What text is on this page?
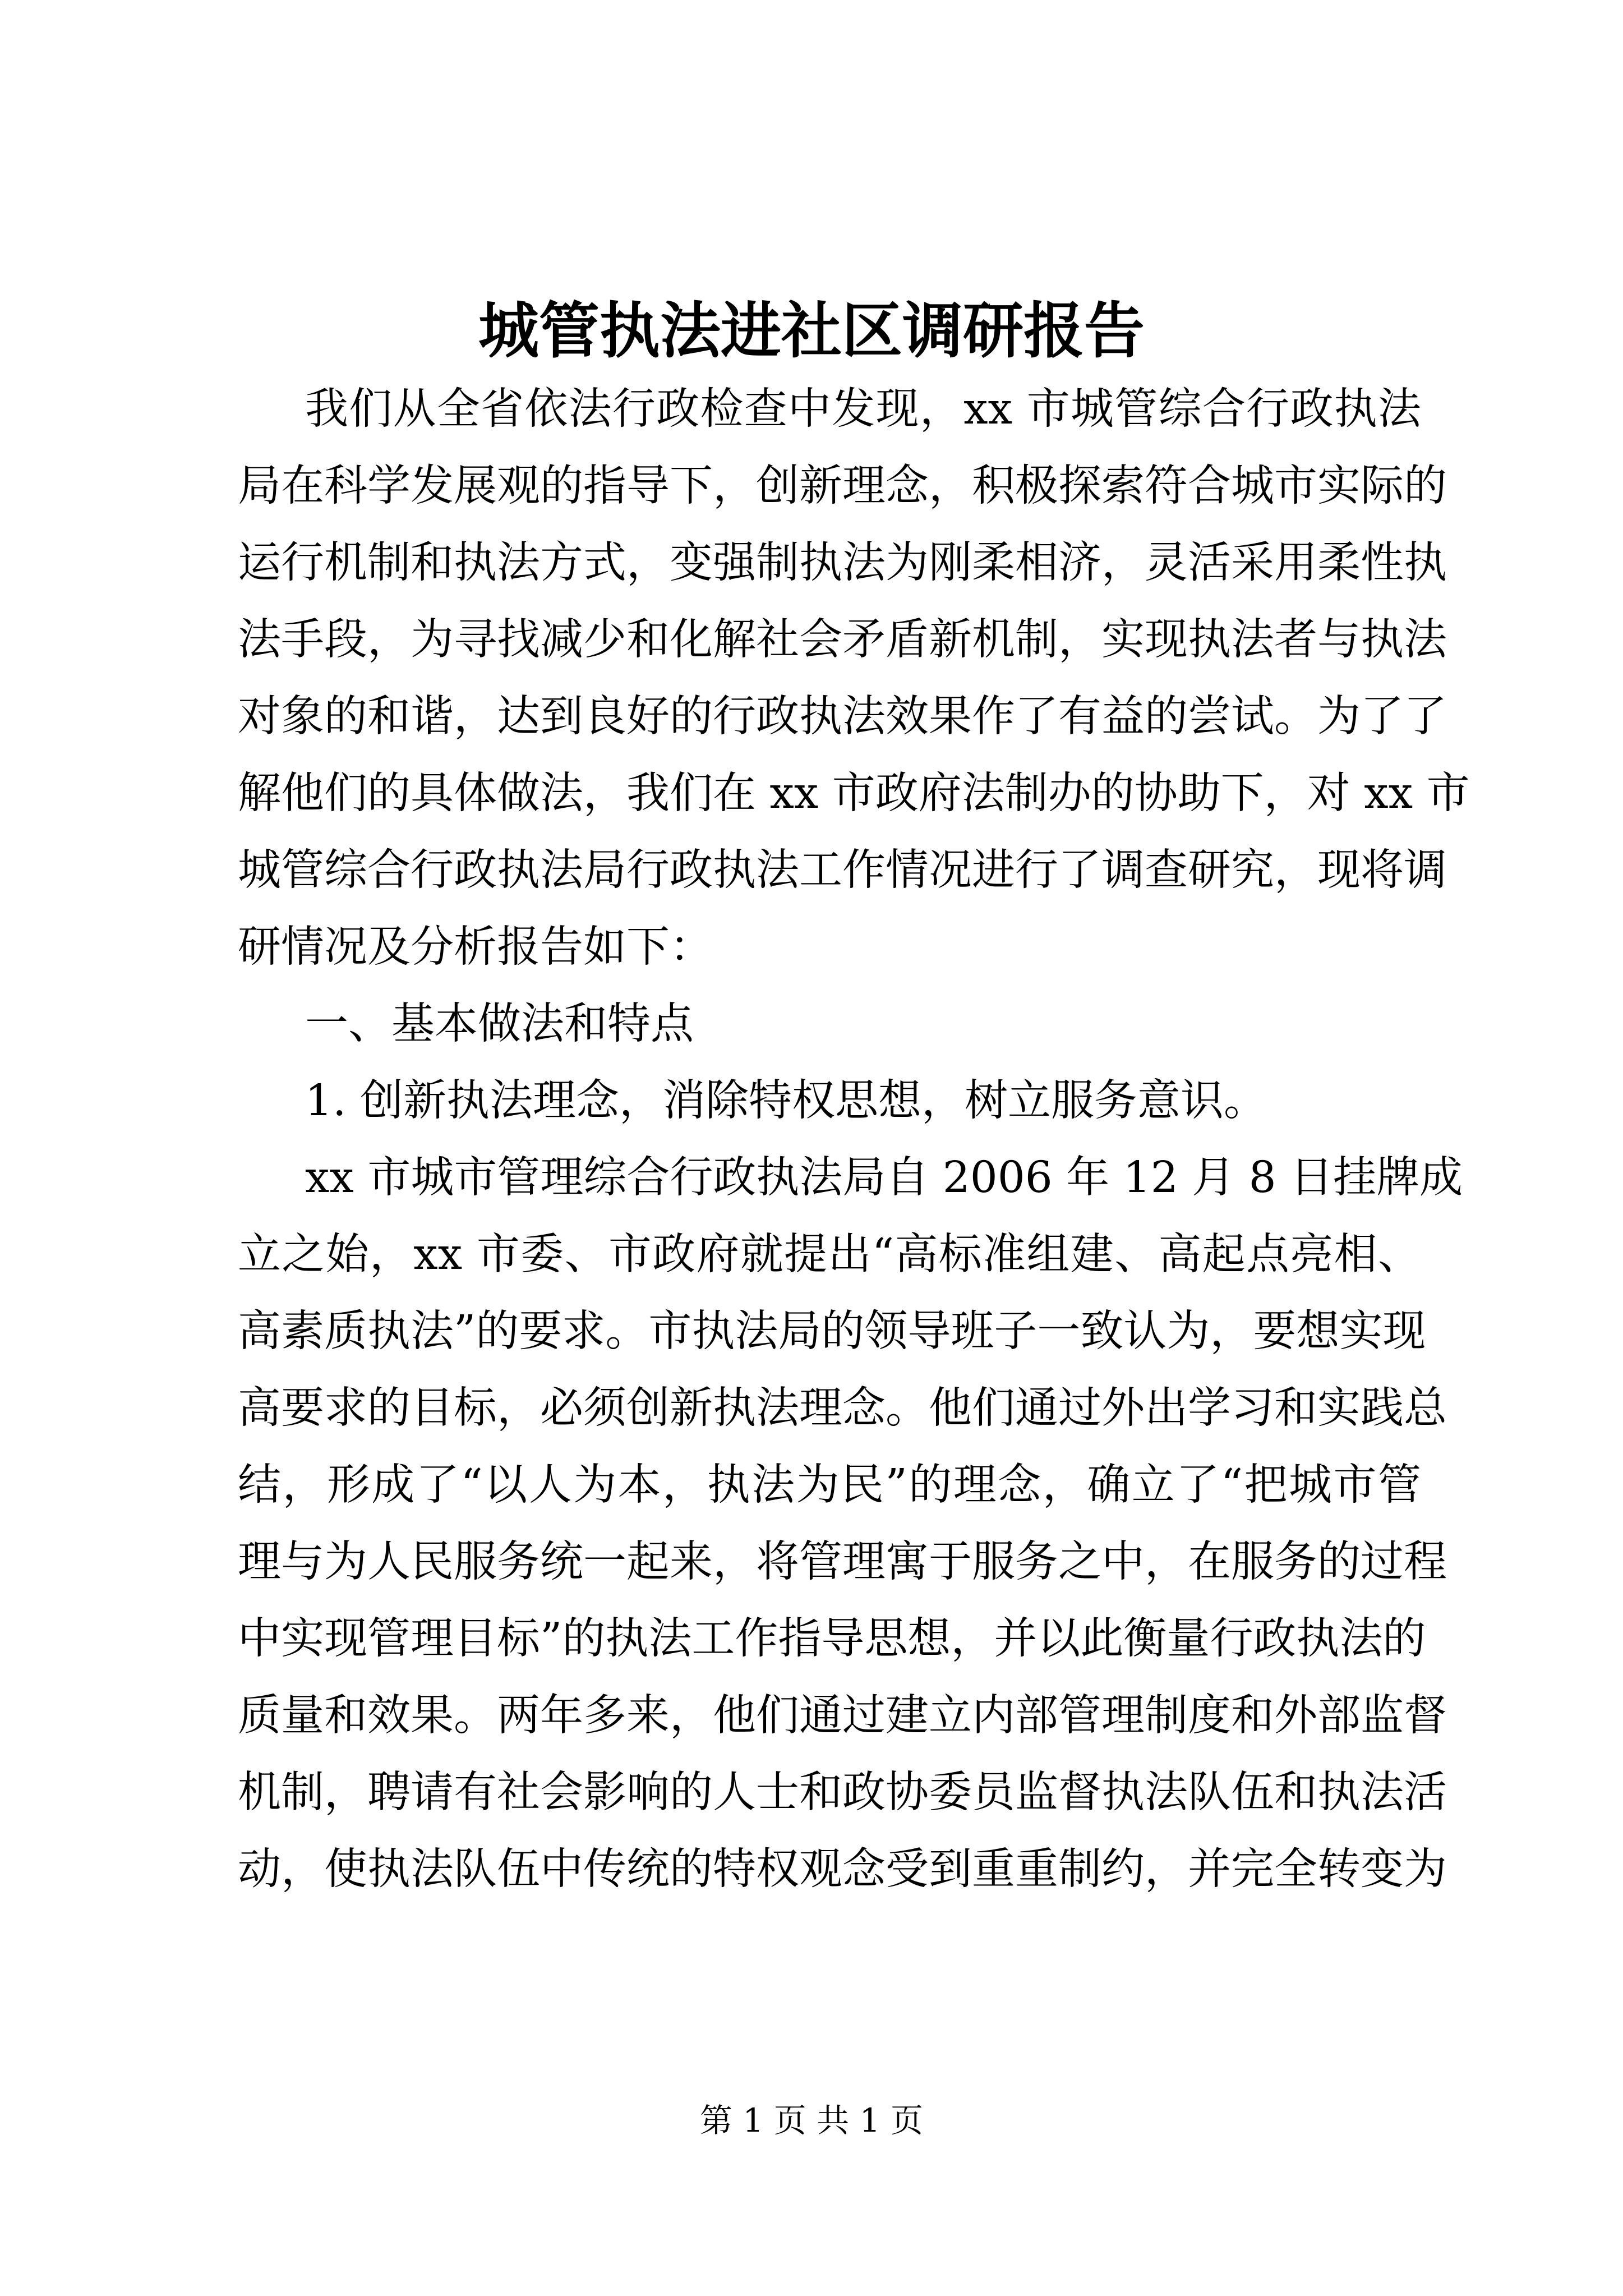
城管执法进社区调研报告
我们从全省依法行政检查中发现，xx 市城管综合行政执法
局在科学发展观的指导下，创新理念，积极探索符合城市实际的
运行机制和执法方式，变强制执法为刚柔相济，灵活采用柔性执
法手段，为寻找减少和化解社会矛盾新机制，实现执法者与执法
对象的和谐，达到良好的行政执法效果作了有益的尝试。为了了
解他们的具体做法，我们在 xx 市政府法制办的协助下，对 xx 市
城管综合行政执法局行政执法工作情况进行了调查研究，现将调
研情况及分析报告如下：
一、基本做法和特点
1. 创新执法理念，消除特权思想，树立服务意识。
xx 市城市管理综合行政执法局自 2006 年 12 月 8 日挂牌成
立之始，xx 市委、市政府就提出“高标准组建、高起点亮相、
高素质执法”的要求。市执法局的领导班子一致认为，要想实现
高要求的目标，必须创新执法理念。他们通过外出学习和实践总
结，形成了“以人为本，执法为民”的理念，确立了“把城市管
理与为人民服务统一起来，将管理寓于服务之中，在服务的过程
中实现管理目标”的执法工作指导思想，并以此衡量行政执法的
质量和效果。两年多来，他们通过建立内部管理制度和外部监督
机制，聘请有社会影响的人士和政协委员监督执法队伍和执法活
动，使执法队伍中传统的特权观念受到重重制约，并完全转变为
第 1 页 共 1 页
